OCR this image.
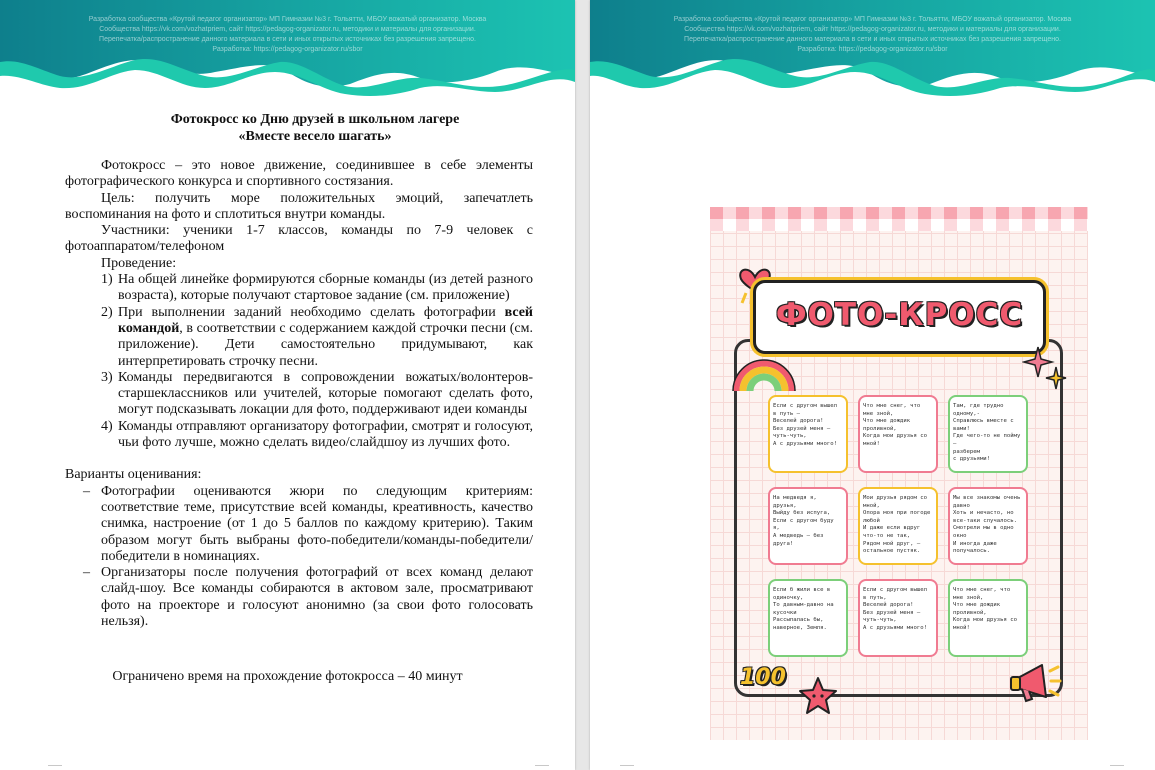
Разработка сообщества «Крутой педагог организатор» МП Гимназии №3 г. Тольятти, МБОУ вожатый организатор. Москва
Сообщества https://vk.com/vozhatpriem, сайт https://pedagog-organizator.ru, методики и материалы для организации.
Перепечатка/распространение данного материала в сети и иных открытых источниках без разрешения запрещено.
Разработка: https://pedagog-organizator.ru/sbor
Фотокросс ко Дню друзей в школьном лагере
«Вместе весело шагать»

Фотокросс – это новое движение, соединившее в себе элементы фотографического конкурса и спортивного состязания.

Цель: получить море положительных эмоций, запечатлеть воспоминания на фото и сплотиться внутри команды.

Участники: ученики 1-7 классов, команды по 7-9 человек с фотоаппаратом/телефоном

Проведение:

1) На общей линейке формируются сборные команды (из детей разного возраста), которые получают стартовое задание (см. приложение)
2) При выполнении заданий необходимо сделать фотографии всей командой, в соответствии с содержанием каждой строчки песни (см. приложение). Дети самостоятельно придумывают, как интерпретировать строчку песни.
3) Команды передвигаются в сопровождении вожатых/волонтеров-старшеклассников или учителей, которые помогают сделать фото, могут подсказывать локации для фото, поддерживают идеи команды
4) Команды отправляют организатору фотографии, смотрят и голосуют, чьи фото лучше, можно сделать видео/слайдшоу из лучших фото.

Варианты оценивания:

– Фотографии оцениваются жюри по следующим критериям: соответствие теме, присутствие всей команды, креативность, качество снимка, настроение (от 1 до 5 баллов по каждому критерию). Таким образом могут быть выбраны фото-победители/команды-победители/победители в номинациях.
– Организаторы после получения фотографий от всех команд делают слайд-шоу. Все команды собираются в актовом зале, просматривают фото на проекторе и голосуют анонимно (за свои фото голосовать нельзя).
Ограничено время на прохождение фотокросса – 40 минут
Разработка сообщества «Крутой педагог организатор» МП Гимназии №3 г. Тольятти, МБОУ вожатый организатор. Москва
Сообщества https://vk.com/vozhatpriem, сайт https://pedagog-organizator.ru, методики и материалы для организации.
Перепечатка/распространение данного материала в сети и иных открытых источниках без разрешения запрещено.
Разработка: https://pedagog-organizator.ru/sbor
ФОТО-КРОСС
Если с другом вышел в путь –
Веселей дорога!
Без друзей меня –
чуть-чуть,
А с друзьями много!
Что мне снег, что мне зной,
Что мне дождик проливной,
Когда мои друзья со мной!
Там, где трудно одному,-
Справлюсь вместе с вами!
Где чего-то не пойму –
разберем
с друзьями!
На медведя я, друзья,
Выйду без испуга,
Если с другом буду я,
А медведь – без друга!
Мои друзья рядом со мной,
Опора моя при погоде любой
И даже если вдруг что-то не так,
Рядом мой друг, – остальное пустяк.
Мы все знакомы очень давно
Хоть и нечасто, но все-таки случалось.
Смотрели мы в одно окно
И иногда даже получалось.
Если б жили все в одиночку,
То давным-давно на кусочки
Рассыпалась бы, наверное, Земля.
Если с другом вышел в путь,
Веселей дорога!
Без друзей меня –
чуть-чуть,
А с друзьями много!
Что мне снег, что мне зной,
Что мне дождик проливной,
Когда мои друзья со мной!
100
